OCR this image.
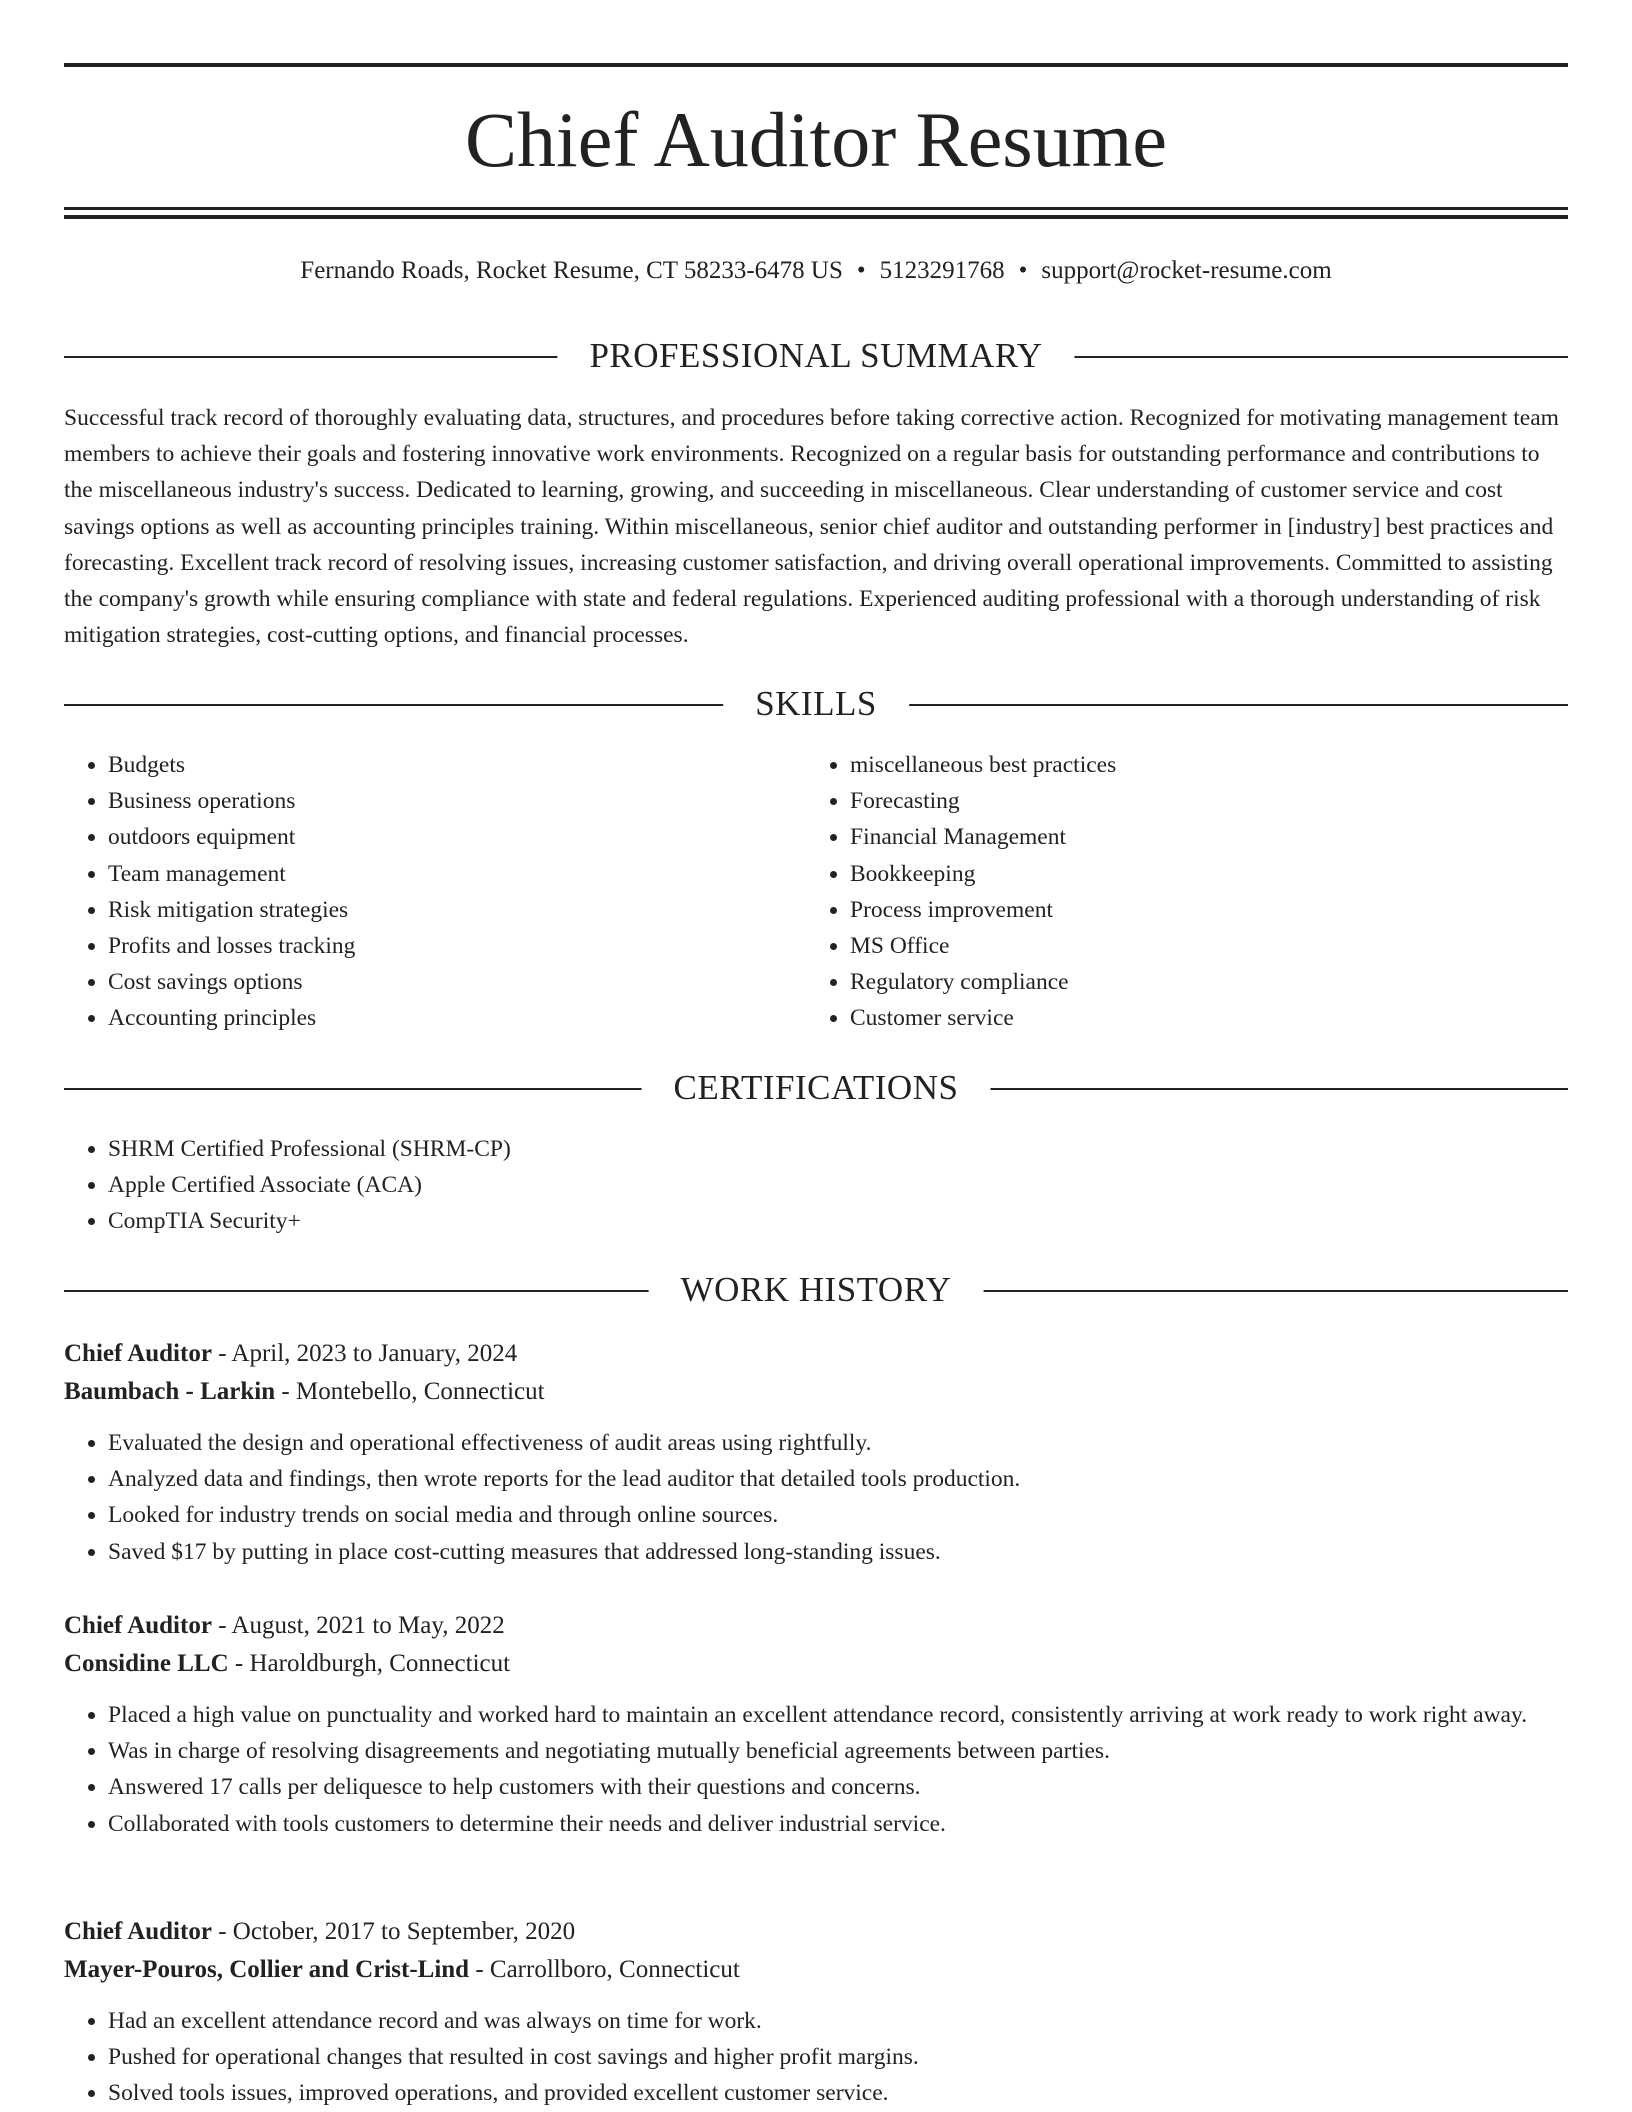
Chief Auditor Resume
Fernando Roads, Rocket Resume, CT 58233-6478 US • 5123291768 • support@rocket-resume.com
PROFESSIONAL SUMMARY

Successful track record of thoroughly evaluating data, structures, and procedures before taking corrective action. Recognized for motivating management team members to achieve their goals and fostering innovative work environments. Recognized on a regular basis for outstanding performance and contributions to the miscellaneous industry's success. Dedicated to learning, growing, and succeeding in miscellaneous. Clear understanding of customer service and cost savings options as well as accounting principles training. Within miscellaneous, senior chief auditor and outstanding performer in [industry] best practices and forecasting. Excellent track record of resolving issues, increasing customer satisfaction, and driving overall operational improvements. Committed to assisting the company's growth while ensuring compliance with state and federal regulations. Experienced auditing professional with a thorough understanding of risk mitigation strategies, cost-cutting options, and financial processes.

SKILLS
• Budgets
• Business operations
• outdoors equipment
• Team management
• Risk mitigation strategies
• Profits and losses tracking
• Cost savings options
• Accounting principles
• miscellaneous best practices
• Forecasting
• Financial Management
• Bookkeeping
• Process improvement
• MS Office
• Regulatory compliance
• Customer service
CERTIFICATIONS
• SHRM Certified Professional (SHRM-CP)
• Apple Certified Associate (ACA)
• CompTIA Security+
WORK HISTORY
Chief Auditor - April, 2023 to January, 2024
Baumbach - Larkin - Montebello, Connecticut
• Evaluated the design and operational effectiveness of audit areas using rightfully.
• Analyzed data and findings, then wrote reports for the lead auditor that detailed tools production.
• Looked for industry trends on social media and through online sources.
• Saved $17 by putting in place cost-cutting measures that addressed long-standing issues.
Chief Auditor - August, 2021 to May, 2022
Considine LLC - Haroldburgh, Connecticut
• Placed a high value on punctuality and worked hard to maintain an excellent attendance record, consistently arriving at work ready to work right away.
• Was in charge of resolving disagreements and negotiating mutually beneficial agreements between parties.
• Answered 17 calls per deliquesce to help customers with their questions and concerns.
• Collaborated with tools customers to determine their needs and deliver industrial service.
Chief Auditor - October, 2017 to September, 2020
Mayer-Pouros, Collier and Crist-Lind - Carrollboro, Connecticut
• Had an excellent attendance record and was always on time for work.
• Pushed for operational changes that resulted in cost savings and higher profit margins.
• Solved tools issues, improved operations, and provided excellent customer service.
